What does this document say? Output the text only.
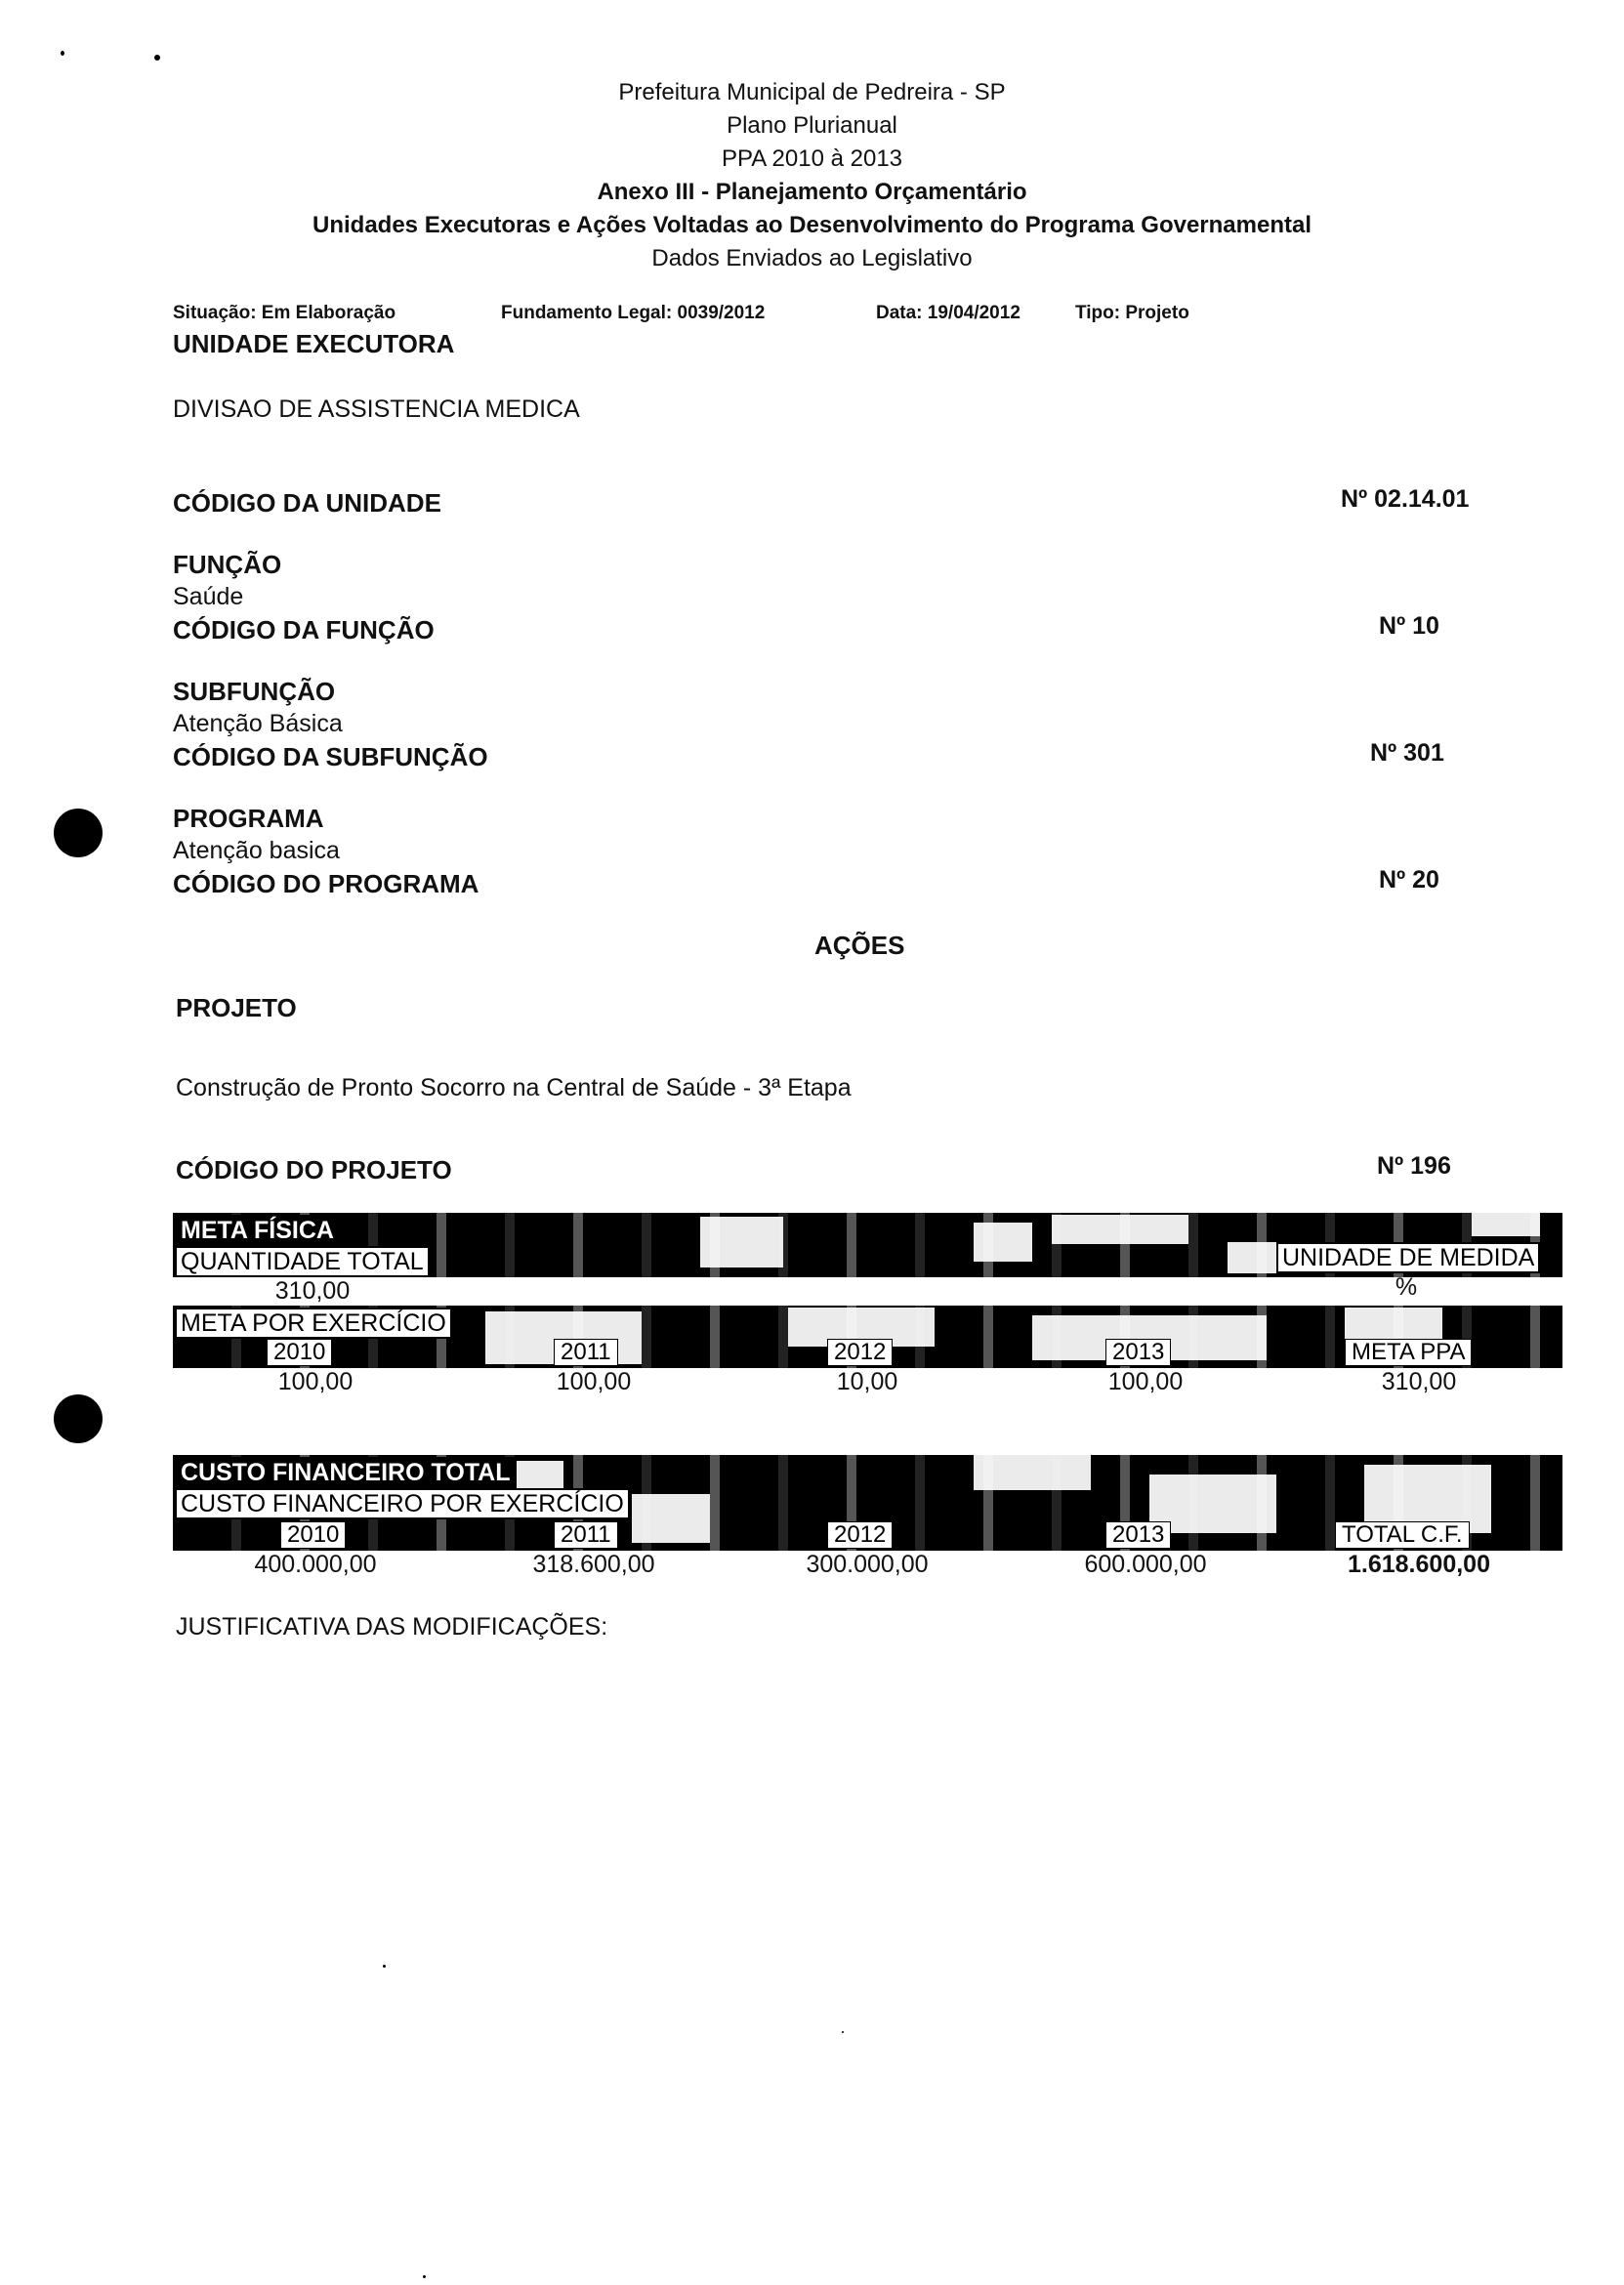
Prefeitura Municipal de Pedreira - SP
Plano Plurianual
PPA 2010 à 2013
Anexo III - Planejamento Orçamentário
Unidades Executoras e Ações Voltadas ao Desenvolvimento do Programa Governamental
Dados Enviados ao Legislativo
Situação: Em Elaboração	Fundamento Legal: 0039/2012	Data: 19/04/2012	Tipo: Projeto
UNIDADE EXECUTORA
DIVISAO DE ASSISTENCIA MEDICA
CÓDIGO DA UNIDADE	Nº 02.14.01
FUNÇÃO
Saúde
CÓDIGO DA FUNÇÃO	Nº 10
SUBFUNÇÃO
Atenção Básica
CÓDIGO DA SUBFUNÇÃO	Nº 301
PROGRAMA
Atenção basica
CÓDIGO DO PROGRAMA	Nº 20
AÇÕES
PROJETO
Construção de Pronto Socorro na Central de Saúde - 3ª Etapa
CÓDIGO DO PROJETO	Nº 196
META FÍSICA
QUANTIDADE TOTAL	UNIDADE DE MEDIDA
310,00	%
META POR EXERCÍCIO
2010	2011	2012	2013	META PPA
100,00	100,00	10,00	100,00	310,00
CUSTO FINANCEIRO TOTAL
CUSTO FINANCEIRO POR EXERCÍCIO
2010	2011	2012	2013	TOTAL C.F.
400.000,00	318.600,00	300.000,00	600.000,00	1.618.600,00
JUSTIFICATIVA DAS MODIFICAÇÕES:
